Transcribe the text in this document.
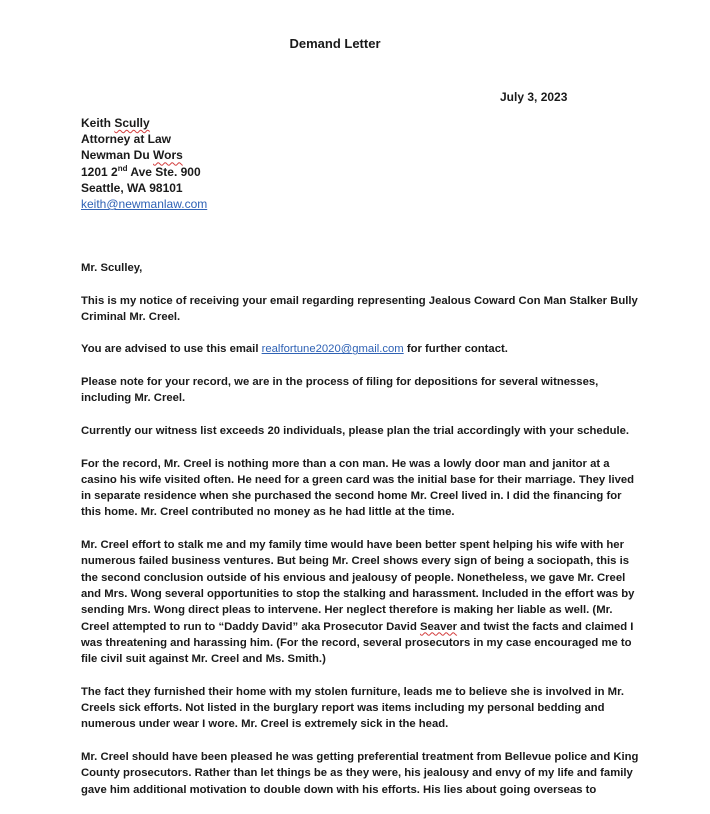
Demand Letter
July 3, 2023
Keith Scully
Attorney at Law
Newman Du Wors
1201 2nd Ave Ste. 900
Seattle, WA 98101
keith@newmanlaw.com

Mr. Sculley,

This is my notice of receiving your email regarding representing Jealous Coward Con Man Stalker Bully Criminal Mr. Creel.

You are advised to use this email realfortune2020@gmail.com for further contact.

Please note for your record, we are in the process of filing for depositions for several witnesses, including Mr. Creel.

Currently our witness list exceeds 20 individuals, please plan the trial accordingly with your schedule.

For the record, Mr. Creel is nothing more than a con man. He was a lowly door man and janitor at a casino his wife visited often. He need for a green card was the initial base for their marriage. They lived in separate residence when she purchased the second home Mr. Creel lived in. I did the financing for this home. Mr. Creel contributed no money as he had little at the time.

Mr. Creel effort to stalk me and my family time would have been better spent helping his wife with her numerous failed business ventures. But being Mr. Creel shows every sign of being a sociopath, this is the second conclusion outside of his envious and jealousy of people. Nonetheless, we gave Mr. Creel and Mrs. Wong several opportunities to stop the stalking and harassment. Included in the effort was by sending Mrs. Wong direct pleas to intervene. Her neglect therefore is making her liable as well. (Mr. Creel attempted to run to “Daddy David” aka Prosecutor David Seaver and twist the facts and claimed I was threatening and harassing him. (For the record, several prosecutors in my case encouraged me to file civil suit against Mr. Creel and Ms. Smith.)

The fact they furnished their home with my stolen furniture, leads me to believe she is involved in Mr. Creels sick efforts. Not listed in the burglary report was items including my personal bedding and numerous under wear I wore. Mr. Creel is extremely sick in the head.

Mr. Creel should have been pleased he was getting preferential treatment from Bellevue police and King County prosecutors. Rather than let things be as they were, his jealousy and envy of my life and family gave him additional motivation to double down with his efforts. His lies about going overseas to
